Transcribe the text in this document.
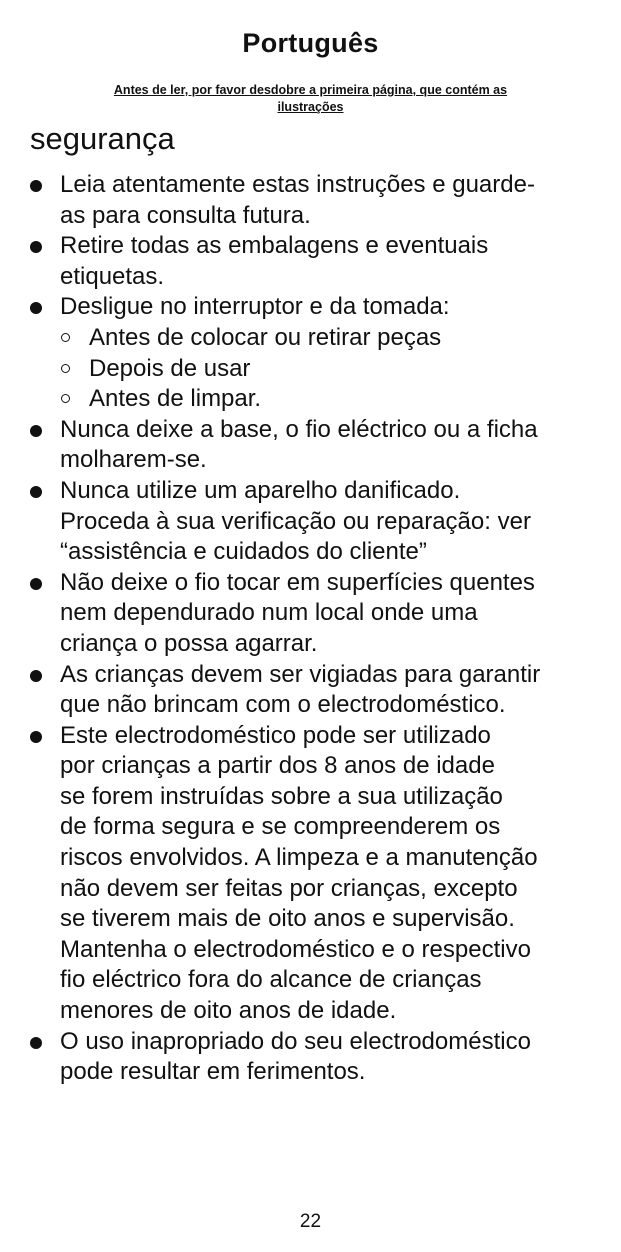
Português
Antes de ler, por favor desdobre a primeira página, que contém as
ilustrações
segurança
Leia atentamente estas instruções e guarde-
as para consulta futura.
Retire todas as embalagens e eventuais
etiquetas.
Desligue no interruptor e da tomada:
Antes de colocar ou retirar peças
Depois de usar
Antes de limpar.
Nunca deixe a base, o fio eléctrico ou a ficha
molharem-se.
Nunca utilize um aparelho danificado.
Proceda à sua verificação ou reparação: ver
“assistência e cuidados do cliente”
Não deixe o fio tocar em superfícies quentes
nem dependurado num local onde uma
criança o possa agarrar.
As crianças devem ser vigiadas para garantir
que não brincam com o electrodoméstico.
Este electrodoméstico pode ser utilizado
por crianças a partir dos 8 anos de idade
se forem instruídas sobre a sua utilização
de forma segura e se compreenderem os
riscos envolvidos. A limpeza e a manutenção
não devem ser feitas por crianças, excepto
se tiverem mais de oito anos e supervisão.
Mantenha o electrodoméstico e o respectivo
fio eléctrico fora do alcance de crianças
menores de oito anos de idade.
O uso inapropriado do seu electrodoméstico
pode resultar em ferimentos.
22
